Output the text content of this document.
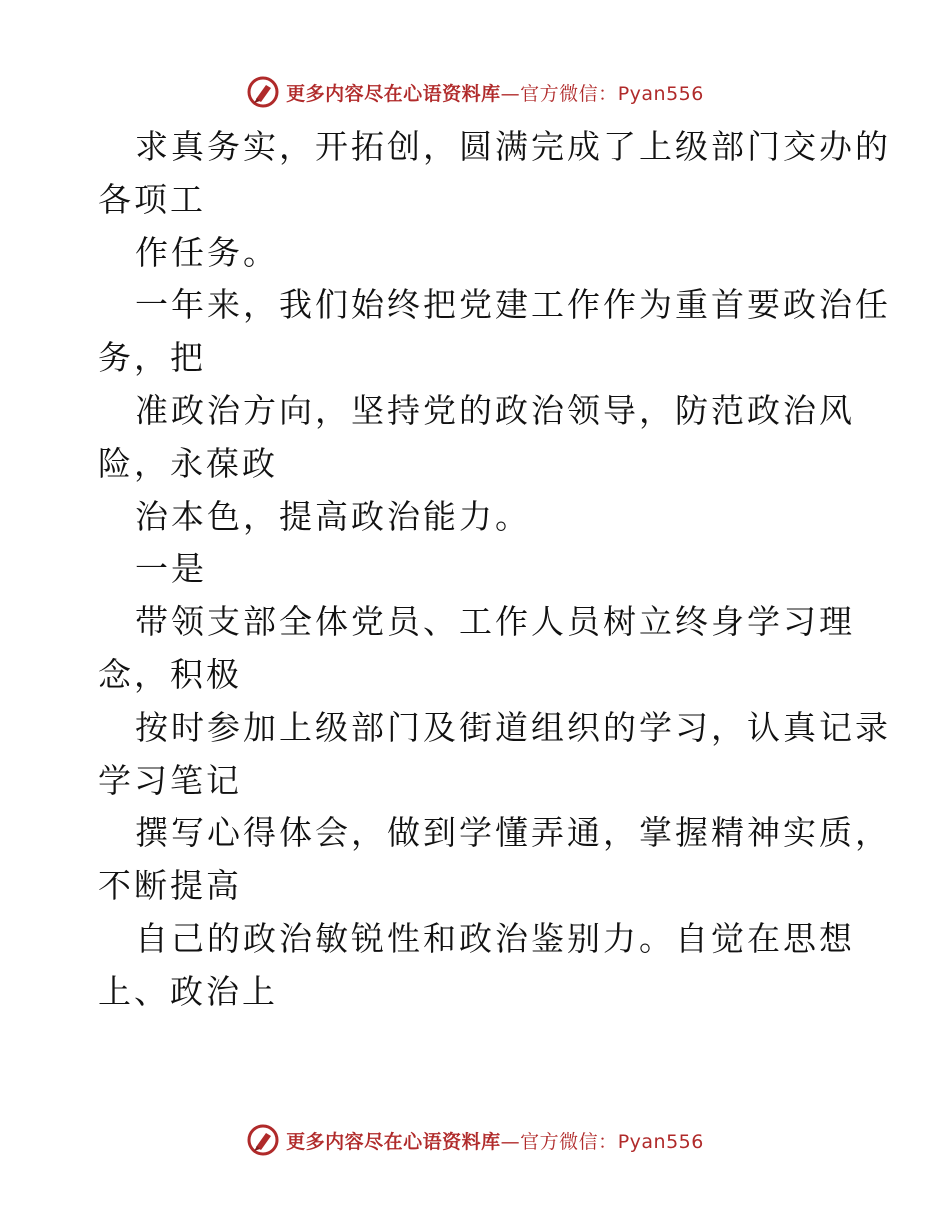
更多内容尽在心语资料库—官方微信：Pyan556
求真务实，开拓创，圆满完成了上级部门交办的
各项工
作任务。
一年来，我们始终把党建工作作为重首要政治任
务，把
准政治方向，坚持党的政治领导，防范政治风
险，永葆政
治本色，提高政治能力。
一是
带领支部全体党员、工作人员树立终身学习理
念，积极
按时参加上级部门及街道组织的学习，认真记录
学习笔记
撰写心得体会，做到学懂弄通，掌握精神实质，
不断提高
自己的政治敏锐性和政治鉴别力。自觉在思想
上、政治上
更多内容尽在心语资料库—官方微信：Pyan556
